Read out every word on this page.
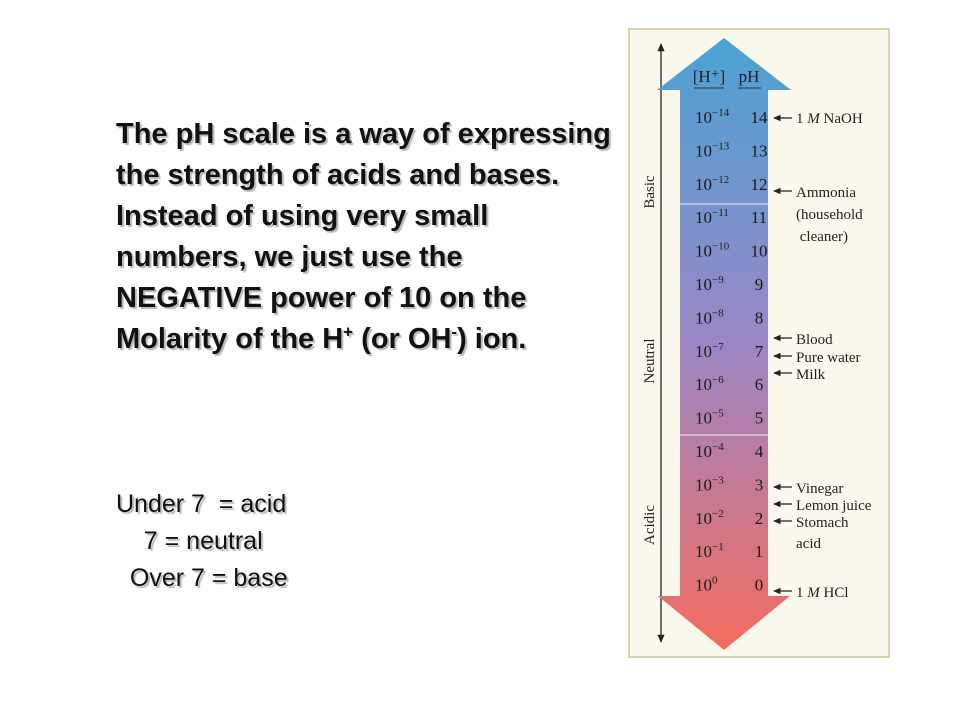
The pH scale is a way of expressing the strength of acids and bases. Instead of using very small numbers, we just use the NEGATIVE power of 10 on the Molarity of the H+ (or OH-) ion.
Under 7  = acid
7 = neutral
Over 7 = base
Basic
Neutral
Acidic
[H⁺] pH
$10^{-14}$ 14
$10^{-13}$ 13
$10^{-12}$ 12
$10^{-11}$ 11
$10^{-10}$ 10
$10^{-9}$ 9
$10^{-8}$ 8
$10^{-7}$ 7
$10^{-6}$ 6
$10^{-5}$ 5
$10^{-4}$ 4
$10^{-3}$ 3
$10^{-2}$ 2
$10^{-1}$ 1
$10^0$ 0
1 M NaOH
Ammonia
(household
cleaner)
Blood
Pure water
Milk
Vinegar
Lemon juice
Stomach
acid
1 M HCl
